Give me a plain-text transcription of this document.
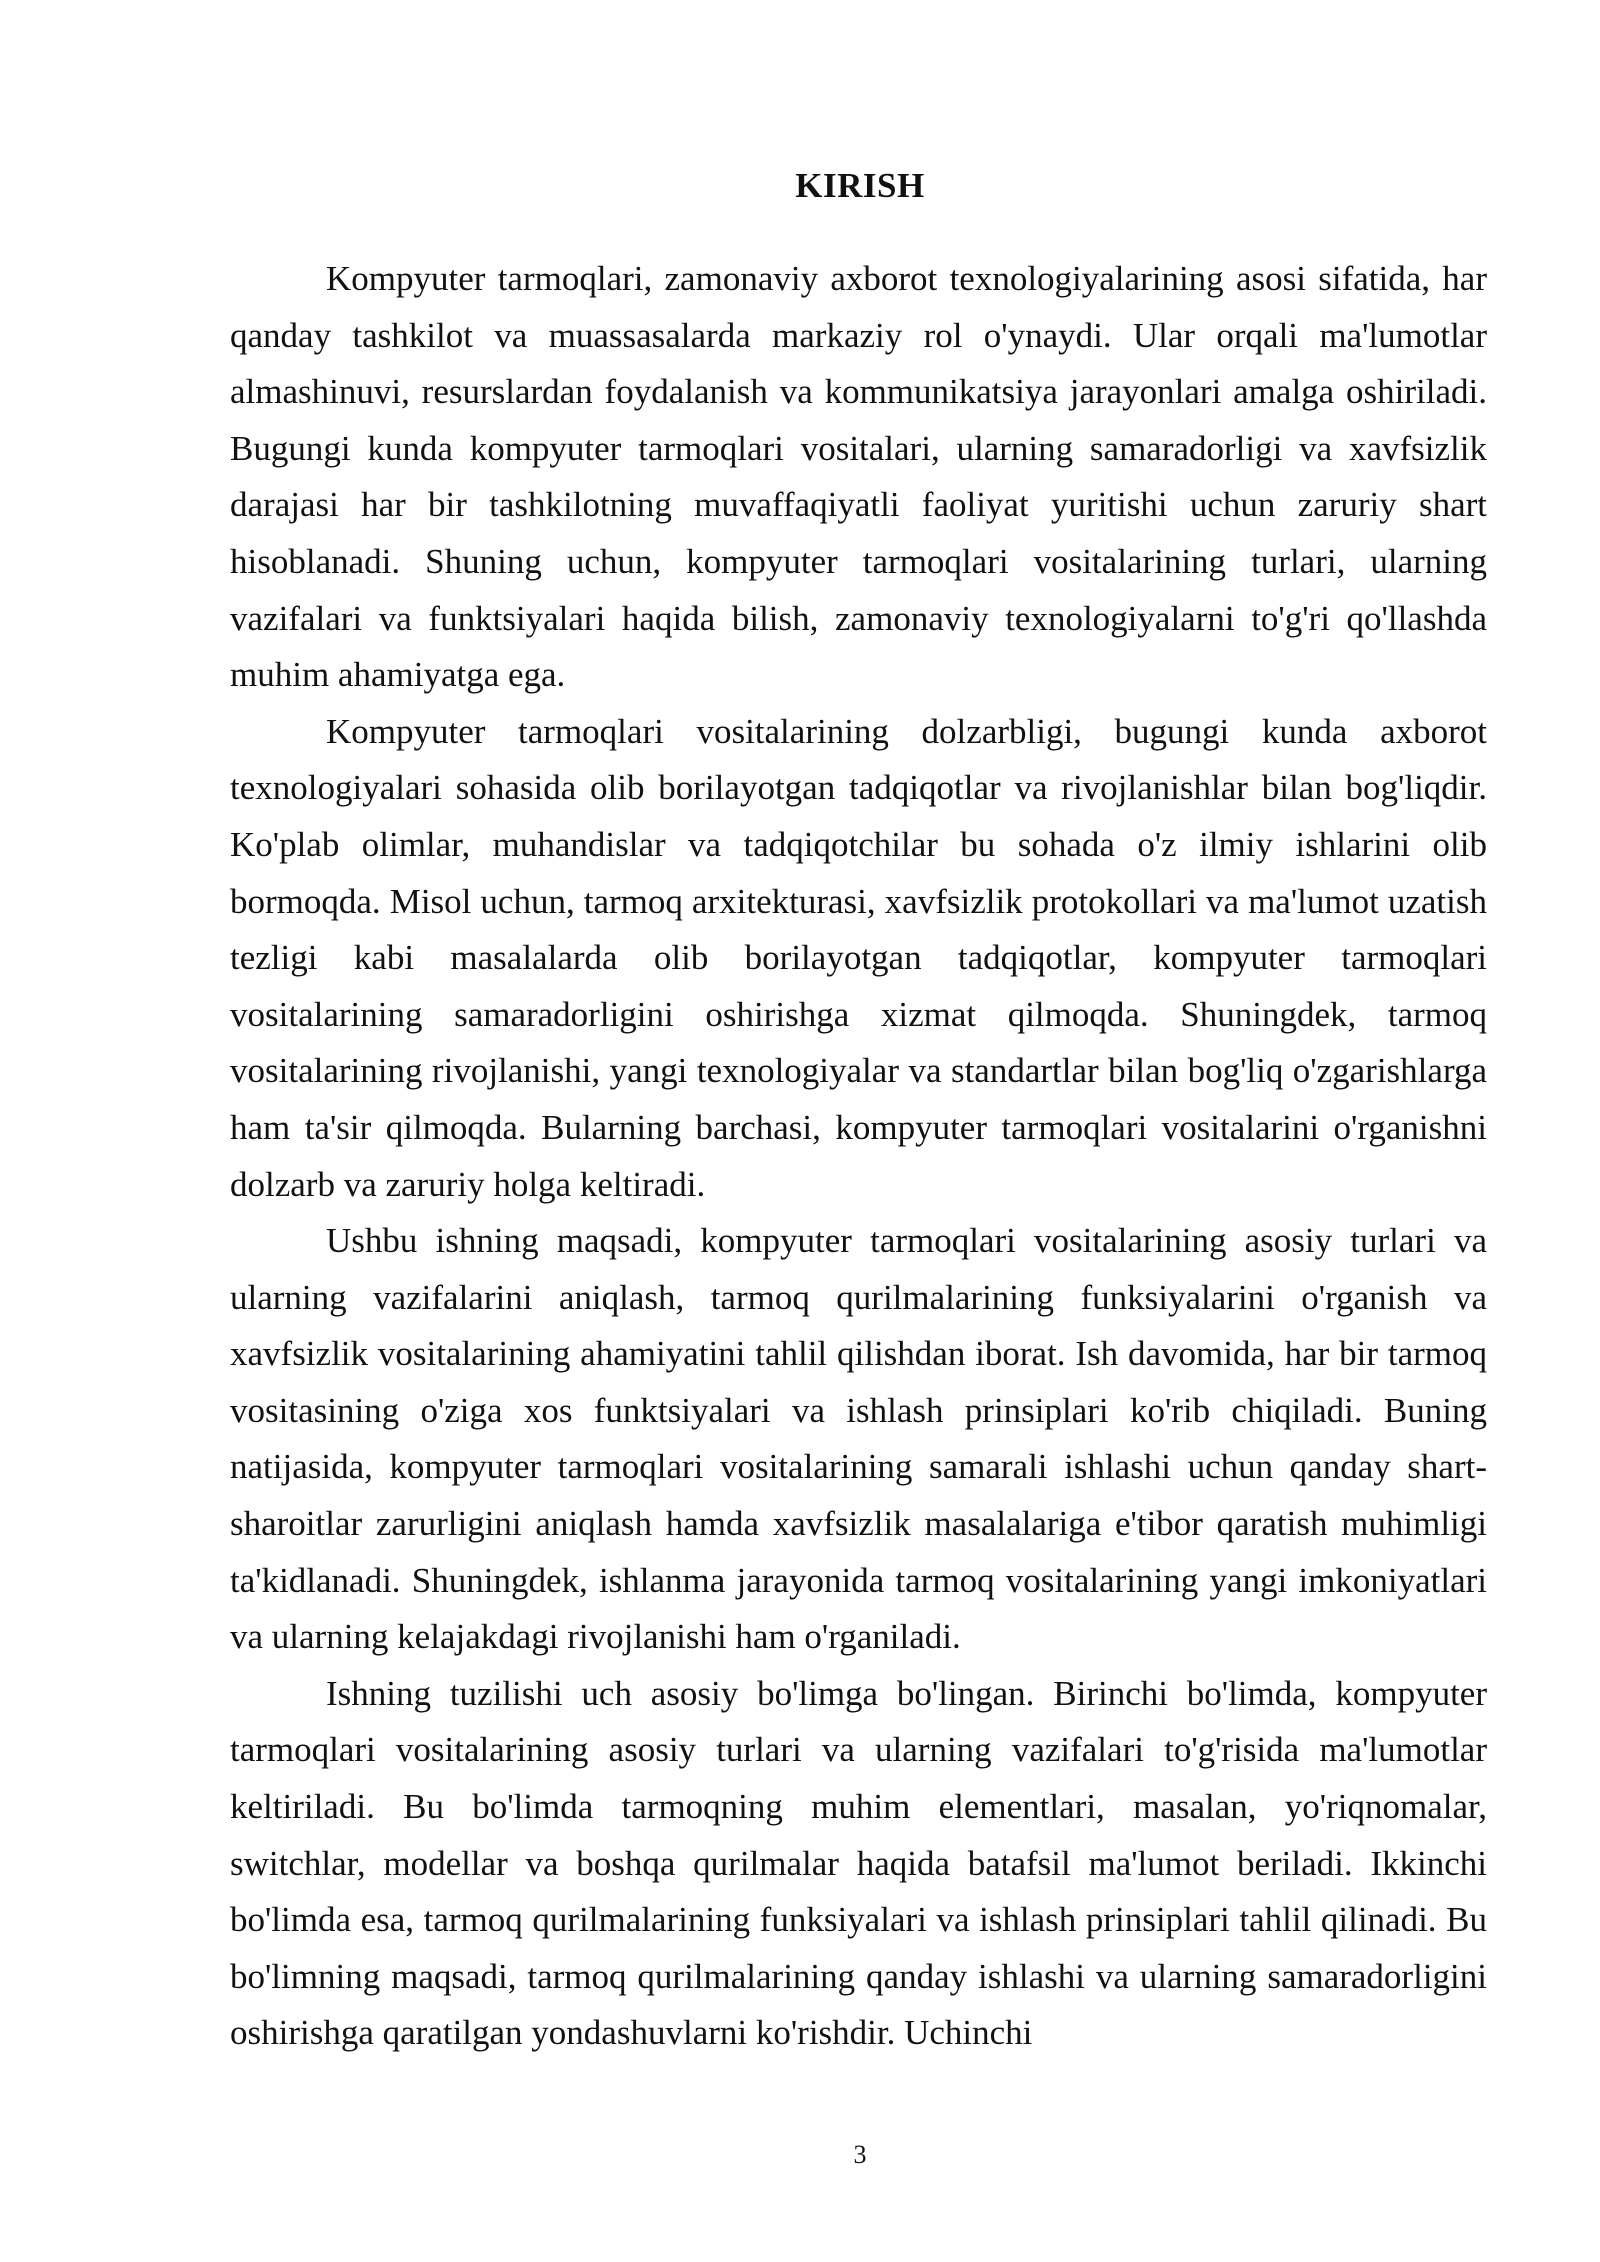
KIRISH

Kompyuter tarmoqlari, zamonaviy axborot texnologiyalarining asosi sifatida, har qanday tashkilot va muassasalarda markaziy rol o'ynaydi. Ular orqali ma'lumotlar almashinuvi, resurslardan foydalanish va kommunikatsiya jarayonlari amalga oshiriladi. Bugungi kunda kompyuter tarmoqlari vositalari, ularning samaradorligi va xavfsizlik darajasi har bir tashkilotning muvaffaqiyatli faoliyat yuritishi uchun zaruriy shart hisoblanadi. Shuning uchun, kompyuter tarmoqlari vositalarining turlari, ularning vazifalari va funktsiyalari haqida bilish, zamonaviy texnologiyalarni to'g'ri qo'llashda muhim ahamiyatga ega.

Kompyuter tarmoqlari vositalarining dolzarbligi, bugungi kunda axborot texnologiyalari sohasida olib borilayotgan tadqiqotlar va rivojlanishlar bilan bog'liqdir. Ko'plab olimlar, muhandislar va tadqiqotchilar bu sohada o'z ilmiy ishlarini olib bormoqda. Misol uchun, tarmoq arxitekturasi, xavfsizlik protokollari va ma'lumot uzatish tezligi kabi masalalarda olib borilayotgan tadqiqotlar, kompyuter tarmoqlari vositalarining samaradorligini oshirishga xizmat qilmoqda. Shuningdek, tarmoq vositalarining rivojlanishi, yangi texnologiyalar va standartlar bilan bog'liq o'zgarishlarga ham ta'sir qilmoqda. Bularning barchasi, kompyuter tarmoqlari vositalarini o'rganishni dolzarb va zaruriy holga keltiradi.

Ushbu ishning maqsadi, kompyuter tarmoqlari vositalarining asosiy turlari va ularning vazifalarini aniqlash, tarmoq qurilmalarining funksiyalarini o'rganish va xavfsizlik vositalarining ahamiyatini tahlil qilishdan iborat. Ish davomida, har bir tarmoq vositasining o'ziga xos funktsiyalari va ishlash prinsiplari ko'rib chiqiladi. Buning natijasida, kompyuter tarmoqlari vositalarining samarali ishlashi uchun qanday shart-sharoitlar zarurligini aniqlash hamda xavfsizlik masalalariga e'tibor qaratish muhimligi ta'kidlanadi. Shuningdek, ishlanma jarayonida tarmoq vositalarining yangi imkoniyatlari va ularning kelajakdagi rivojlanishi ham o'rganiladi.

Ishning tuzilishi uch asosiy bo'limga bo'lingan. Birinchi bo'limda, kompyuter tarmoqlari vositalarining asosiy turlari va ularning vazifalari to'g'risida ma'lumotlar keltiriladi. Bu bo'limda tarmoqning muhim elementlari, masalan, yo'riqnomalar, switchlar, modellar va boshqa qurilmalar haqida batafsil ma'lumot beriladi. Ikkinchi bo'limda esa, tarmoq qurilmalarining funksiyalari va ishlash prinsiplari tahlil qilinadi. Bu bo'limning maqsadi, tarmoq qurilmalarining qanday ishlashi va ularning samaradorligini oshirishga qaratilgan yondashuvlarni ko'rishdir. Uchinchi

3
